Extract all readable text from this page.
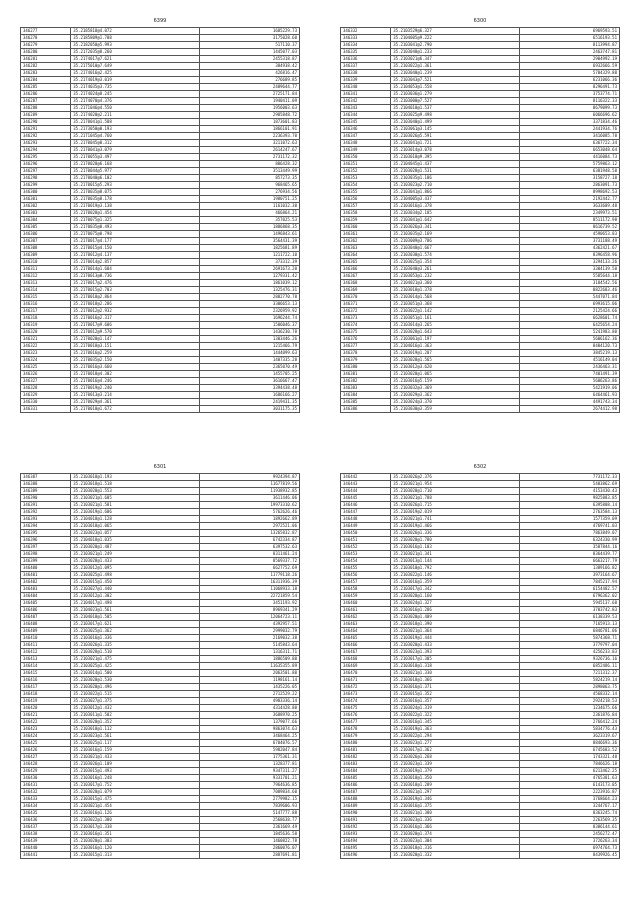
6399
346277	35.2185818@4.072	1685229.73
346278	35.2185809@1.708	3175028.60
346279	35.2182050@5.993	517110.37
346280	35.2172035@8.260	1445077.03
346281	35.2174017@7.621	2455318.87
346282	35.2175010@7.649	384938.42
346283	35.2174016@2.425	426816.47
346284	35.2174019@3.019	276689.85
346285	35.2174035@3.735	2489644.77
346286	35.2174024@8.245	2725171.84
346287	35.2174070@4.376	1940411.09
346288	35.2171046@4.550	1956003.63
346289	35.2174020@2.211	2985848.72
346290	35.2170041@1.588	1873601.83
346291	35.2173050@0.193	1866101.91
346292	35.2171045@4.760	2236393.70
346293	35.2170045@0.312	3211072.63
346294	35.2170041@3.079	2614247.67
346295	35.2170055@3.497	2731172.32
346296	35.2170020@6.168	806428.32
346297	35.2170044@5.977	3513449.99
346298	35.2170040@6.102	857273.35
346299	35.2170015@5.293	968465.65
346300	35.2170035@8.075	276934.56
346301	35.2170035@8.178	1980751.25
346302	35.2170019@3.138	1161032.30
346303	35.2170028@1.454	466864.21
346304	35.2170075@1.325	357025.53
346305	35.2170035@0.493	1886868.35
346306	35.2170075@0.798	1496843.61
346307	35.2170017@4.177	3564431.39
346308	35.2170015@4.150	1825681.89
346309	35.2170012@4.137	1211722.10
346310	35.2170014@2.857	373312.39
346311	35.2170014@1.604	2691673.20
346312	35.2170013@0.736	1279331.42
346313	35.2170017@2.476	1861039.12
346314	35.2170015@2.703	1325476.31
346315	35.2170018@2.864	2882770.78
346316	35.2170018@2.286	3306653.13
346317	35.2170012@2.932	2326959.92
346318	35.2170016@2.317	1696244.74
346319	35.2170017@9.606	1506046.37
346320	35.2170012@9.570	1436230.78
346321	35.2170020@1.147	1303446.26
346322	35.2170018@3.151	1215466.79
346323	35.2170016@2.259	1444099.63
346324	35.2170035@2.150	1407335.28
346325	35.2170016@3.660	2365070.49
346326	35.2170018@4.302	1455705.25
346327	35.2170016@4.246	3616667.47
346328	35.2170019@2.240	3394438.48
346329	35.2170013@3.214	1686166.27
346330	35.2170029@4.361	2419431.35
346331	35.2170010@1.672	3031175.35
6300
346332	35.2103529@6.327	6969593.51
346333	35.2104005@9.222	6516193.51
346334	35.2103041@2.790	8113994.87
346335	35.2103040@1.233	2463747.81
346336	35.2103021@6.347	2904992.19
346337	35.2103022@1.361	6932666.59
346338	35.2103040@1.239	5704329.88
346339	35.2103043@7.521	6231066.36
346340	35.2104053@1.558	8296491.73
346341	35.2103036@1.279	3753774.71
346342	35.2103000@7.527	8116322.33
346343	35.2104010@1.537	8679099.73
346344	35.2103025@9.498	6066696.62
346345	35.2103040@1.499	3371834.46
346346	35.2103061@3.145	2441934.76
346347	35.2103026@5.591	3416085.78
346348	35.2103041@1.721	6367722.34
346349	35.2103014@3.078	6653048.64
346350	35.2103018@9.395	4416084.73
346351	35.2104045@1.437	5759863.12
346352	35.2103028@1.531	6381948.58
346353	35.2103035@1.106	3158727.18
346354	35.2103023@2.710	2863091.73
346355	35.2103041@1.866	8998692.53
346356	35.2104005@3.437	2192442.77
346357	35.2103016@1.378	3633689.48
346358	35.2103034@2.185	2349973.51
346359	35.2103041@1.642	8511172.98
346360	35.2103026@3.341	8616739.52
346361	35.2103035@2.169	4590653.83
346362	35.2103009@3.786	3731188.49
346363	35.2103040@1.667	4362421.67
346364	35.2103030@1.574	8396458.96
346365	35.2103025@1.354	3294133.26
346366	35.2103040@3.261	3304139.50
346367	35.2103053@1.232	5585644.18
346368	35.2104021@3.360	3184542.56
346369	35.2103018@1.378	8822683.46
346370	35.2103014@1.568	5447071.84
346371	35.2103051@3.368	6993615.06
346372	35.2103022@1.142	2125424.66
346373	35.2103051@1.161	6628601.74
346374	35.2103014@3.265	6425654.24
346375	35.2103028@1.643	5241983.80
346376	35.2103061@1.197	5606162.36
346377	35.2104016@1.363	8404120.73
346378	35.2103019@1.207	3845219.13
346379	35.2103028@1.565	4516149.04
346380	35.2103012@3.620	2436463.31
346381	35.2103020@1.065	7401491.39
346382	35.2103016@5.159	5606263.86
346383	35.2103032@3.369	5421919.06
346384	35.2103029@3.362	6464461.93
346385	35.2103024@3.370	4491743.34
346386	35.2103030@3.359	2674412.98
6301
346387	35.2103018@1.193	9924394.87
346388	35.2103018@1.518	11677819.56
346389	35.2103020@1.553	11938932.85
346390	35.2103021@1.605	3611446.06
346391	35.2103021@1.581	19973310.62
346392	35.2103019@1.606	5762626.46
346393	35.2104018@1.128	1892662.89
346394	35.2103018@1.065	2972521.06
346395	35.2103023@1.057	13265832.87
346396	35.2104018@1.035	6742334.87
346397	35.2103020@1.487	6397532.63
346398	35.2103021@1.249	8311461.24
346399	35.2103028@1.433	8569337.72
346400	35.2103012@1.095	6627752.69
346401	35.2103025@1.498	11779118.26
346402	35.2103015@1.450	16311936.39
346403	35.2103027@1.440	11068933.18
346404	35.2103012@1.302	22721859.54
346405	35.2104017@1.498	3451193.92
346406	35.2104023@1.561	8969341.29
346407	35.2104018@1.505	12064723.11
346408	35.2103017@1.621	4392957.51
346409	35.2103025@1.362	2999032.79
346410	35.2103016@1.336	2169032.38
346411	35.2103026@1.335	5145843.64
346412	35.2103028@1.510	1316311.71
346413	35.2103021@1.475	1886509.80
346414	35.2103025@1.425	11635355.89
346415	35.2103014@1.500	2063501.80
346416	35.2103020@1.530	1198161.14
346417	35.2103020@1.496	1435226.05
346418	35.2103022@1.515	2712529.22
346419	35.2103027@1.375	4983336.14
346420	35.2103012@1.432	4314428.80
346421	35.2103011@1.502	3688970.25
346422	35.2103020@1.352	1379077.66
346423	35.2103018@1.112	9863074.63
346424	35.2103023@1.561	3468464.25
346425	35.2103025@1.117	6704076.57
346426	35.2103016@1.159	5982047.84
346427	35.2103021@1.433	1775361.31
346428	35.2103026@1.109	1328377.81
346429	35.2103015@1.493	9347311.27
346430	35.2103016@1.248	9331701.21
346431	35.2103017@1.752	7964636.85
346432	35.2103020@1.079	7089834.60
346433	35.2103015@1.475	2779982.15
346434	35.2103021@1.454	7839606.93
346435	35.2103016@1.126	5147777.88
346436	35.2103022@1.380	2568638.77
346437	35.2103017@1.338	2361669.49
346438	35.2103016@1.351	1845636.58
346439	35.2103020@1.303	1460822.78
346440	35.2103016@1.120	2860076.07
346441	35.2103015@1.313	2887691.81
6302
346442	35.2103026@2.376	7731172.33
346443	35.2103021@1.954	5403862.69
346444	35.2103020@1.710	4153430.43
346445	35.2103021@1.788	9825883.85
346446	35.2103026@1.715	6395808.14
346447	35.2103019@2.019	2763584.13
346448	35.2103021@1.741	1577359.09
346449	35.2103019@1.466	4769741.03
346450	35.2103026@1.336	7863849.07
346451	35.2103020@1.780	6324330.99
346452	35.2103016@1.103	3587844.16
346453	35.2103021@1.341	8364439.77
346454	35.2103013@1.144	6663217.79
346455	35.2103010@1.792	1389166.82
346456	35.2103022@1.146	3973164.67
346457	35.2103016@1.359	7845217.94
346458	35.2103017@1.342	6154482.57
346459	35.2103020@1.160	6796362.02
346460	35.2103024@1.327	5945137.68
346461	35.2103016@1.286	3703742.83
346462	35.2103020@1.409	6138339.53
346463	35.2103018@1.390	7165913.13
346464	35.2103021@1.364	6846781.06
346465	35.2103019@1.444	5874368.71
346466	35.2103020@1.433	3779797.04
346467	35.2103023@1.393	4256233.83
346468	35.2103017@1.305	9326736.16
346469	35.2103018@1.318	6852486.11
346470	35.2103021@1.330	7211312.37
346471	35.2103018@1.366	5824219.14
346472	35.2103016@1.371	2898063.75
346473	35.2103015@1.352	4568332.14
346474	35.2103016@1.357	2924218.53
346475	35.2103024@1.319	1234675.66
346476	35.2103022@1.322	2361876.84
346477	35.2103016@1.345	2766412.24
346478	35.2103019@1.363	5834776.43
346479	35.2103022@1.294	3623319.67
346480	35.2103023@1.277	8846693.36
346481	35.2103017@1.362	6745683.52
346482	35.2103026@1.268	1743321.48
346483	35.2103023@1.339	7846626.18
346484	35.2103019@1.379	6213462.25
346485	35.2103018@1.350	4765381.63
346486	35.2103018@1.289	6143173.85
346487	35.2103021@1.297	2223916.87
346488	35.2103019@1.346	3768664.23
346489	35.2103016@1.375	3244767.17
346490	35.2103021@1.380	8363245.74
346491	35.2103023@1.336	2263569.35
346492	35.2103016@1.366	8386144.61
346493	35.2103020@1.374	2456272.47
346494	35.2103023@1.304	3726263.34
346495	35.2103018@1.316	6974764.73
346496	35.2103020@1.332	8439926.45
